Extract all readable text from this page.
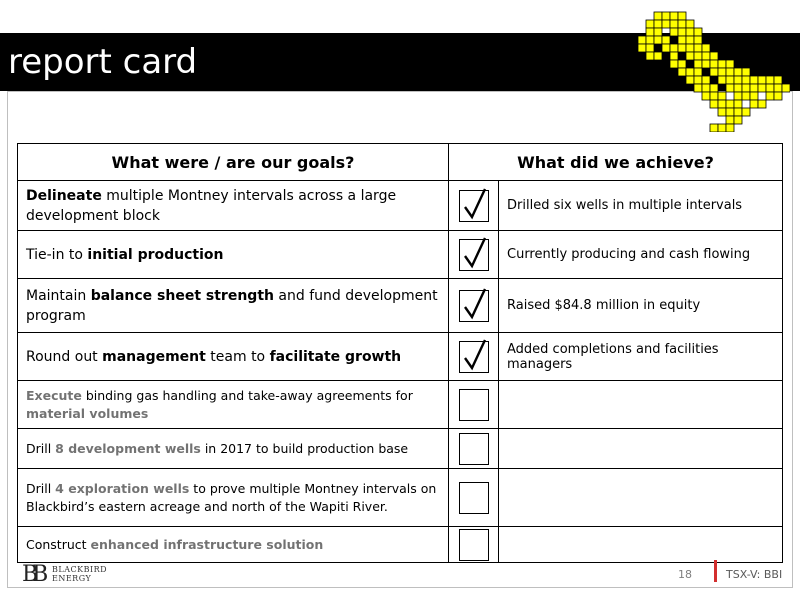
report card
What were / are our goals?	What did we achieve?	
Delineate multiple Montney intervals across a large development block		Drilled six wells in multiple intervals
Tie-in to initial production		Currently producing and cash flowing
Maintain balance sheet strength and fund development program		Raised $84.8 million in equity
Round out management team to facilitate growth		Added completions and facilities managers
Execute binding gas handling and take-away agreements for material volumes		
Drill 8 development wells in 2017 to build production base		
Drill 4 exploration wells to prove multiple Montney intervals on Blackbird’s eastern acreage and north of the Wapiti River.		
Construct enhanced infrastructure solution		
BB BLACKBIRD
ENERGY	18	TSX-V: BBI
